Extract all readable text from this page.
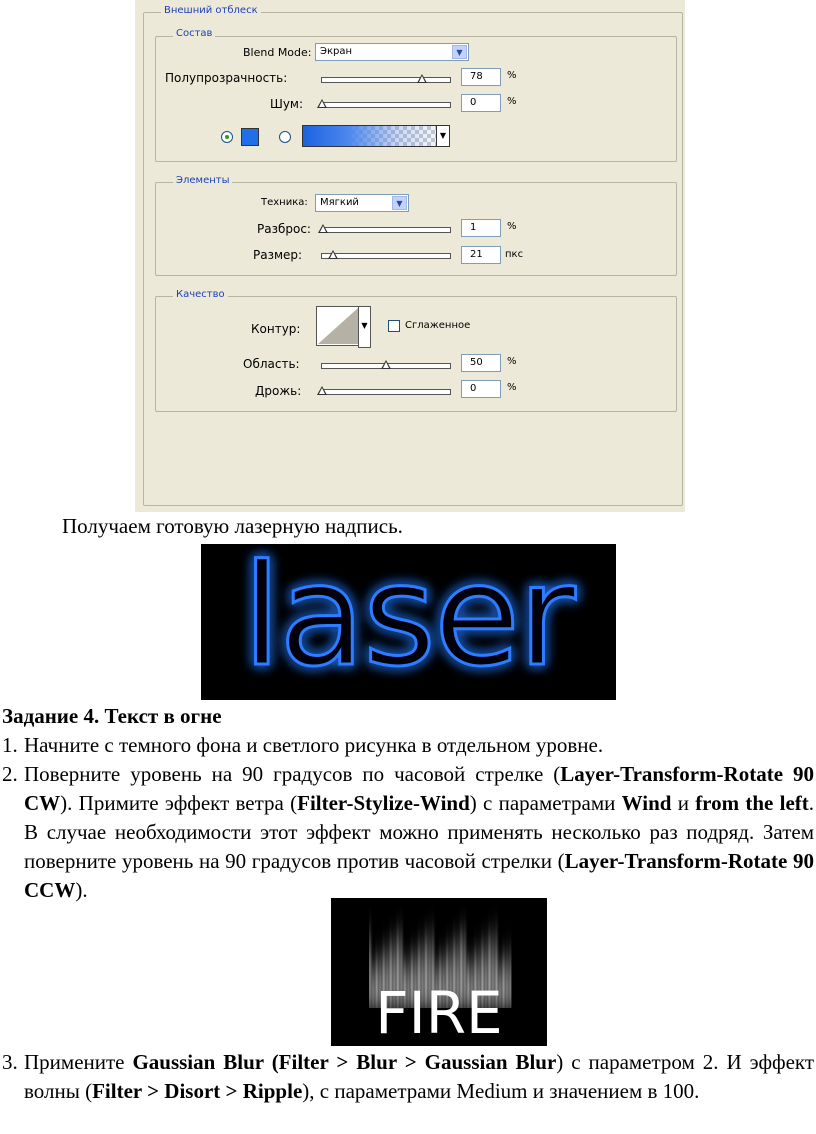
Внешний отблеск
Состав
Blend Mode: Экран	▼
Полупрозрачность:	78	%
Шум:	0	%
▼
Элементы
Техника: Мягкий	▼
Разброс:	1	%
Размер:	21	пкс
Качество
Контур:	▼	Сглаженное
Область:	50	%
Дрожь:	0	%
Получаем готовую лазерную надпись.
laser
Задание 4. Текст в огне
1. Начните с темного фона и светлого рисунка в отдельном уровне.
2. Поверните уровень на 90 градусов по часовой стрелке (Layer-Transform-Rotate 90 CW). Примите эффект ветра (Filter-Stylize-Wind) с параметрами Wind и from the left. В случае необходимости этот эффект можно применять несколько раз подряд. Затем поверните уровень на 90 градусов против часовой стрелки (Layer-Transform-Rotate 90 CCW).
FIRE
3. Примените Gaussian Blur (Filter > Blur > Gaussian Blur) с параметром 2. И эффект волны (Filter > Disort > Ripple), с параметрами Medium и значением в 100.
